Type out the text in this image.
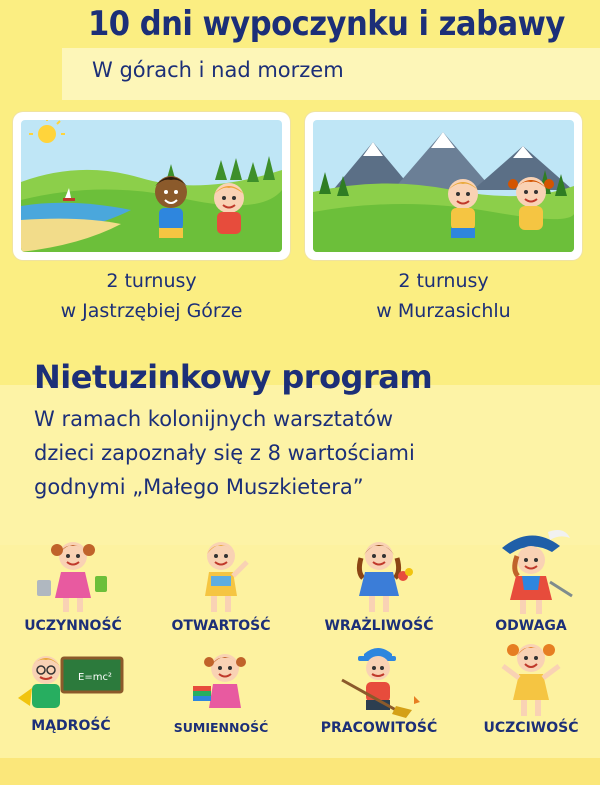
10 dni wypoczynku i zabawy
W górach i nad morzem
2 turnusy
w Jastrzębiej Górze
2 turnusy
w Murzasichlu
Nietuzinkowy program
W ramach kolonijnych warsztatów
dzieci zapoznały się z 8 wartościami
godnymi „Małego Muszkietera”
UCZYNNOŚĆ	OTWARTOŚĆ	WRAŻLIWOŚĆ	ODWAGA
E=mc²
MĄDROŚĆ	SUMIENNOŚĆ	PRACOWITOŚĆ	UCZCIWOŚĆ
